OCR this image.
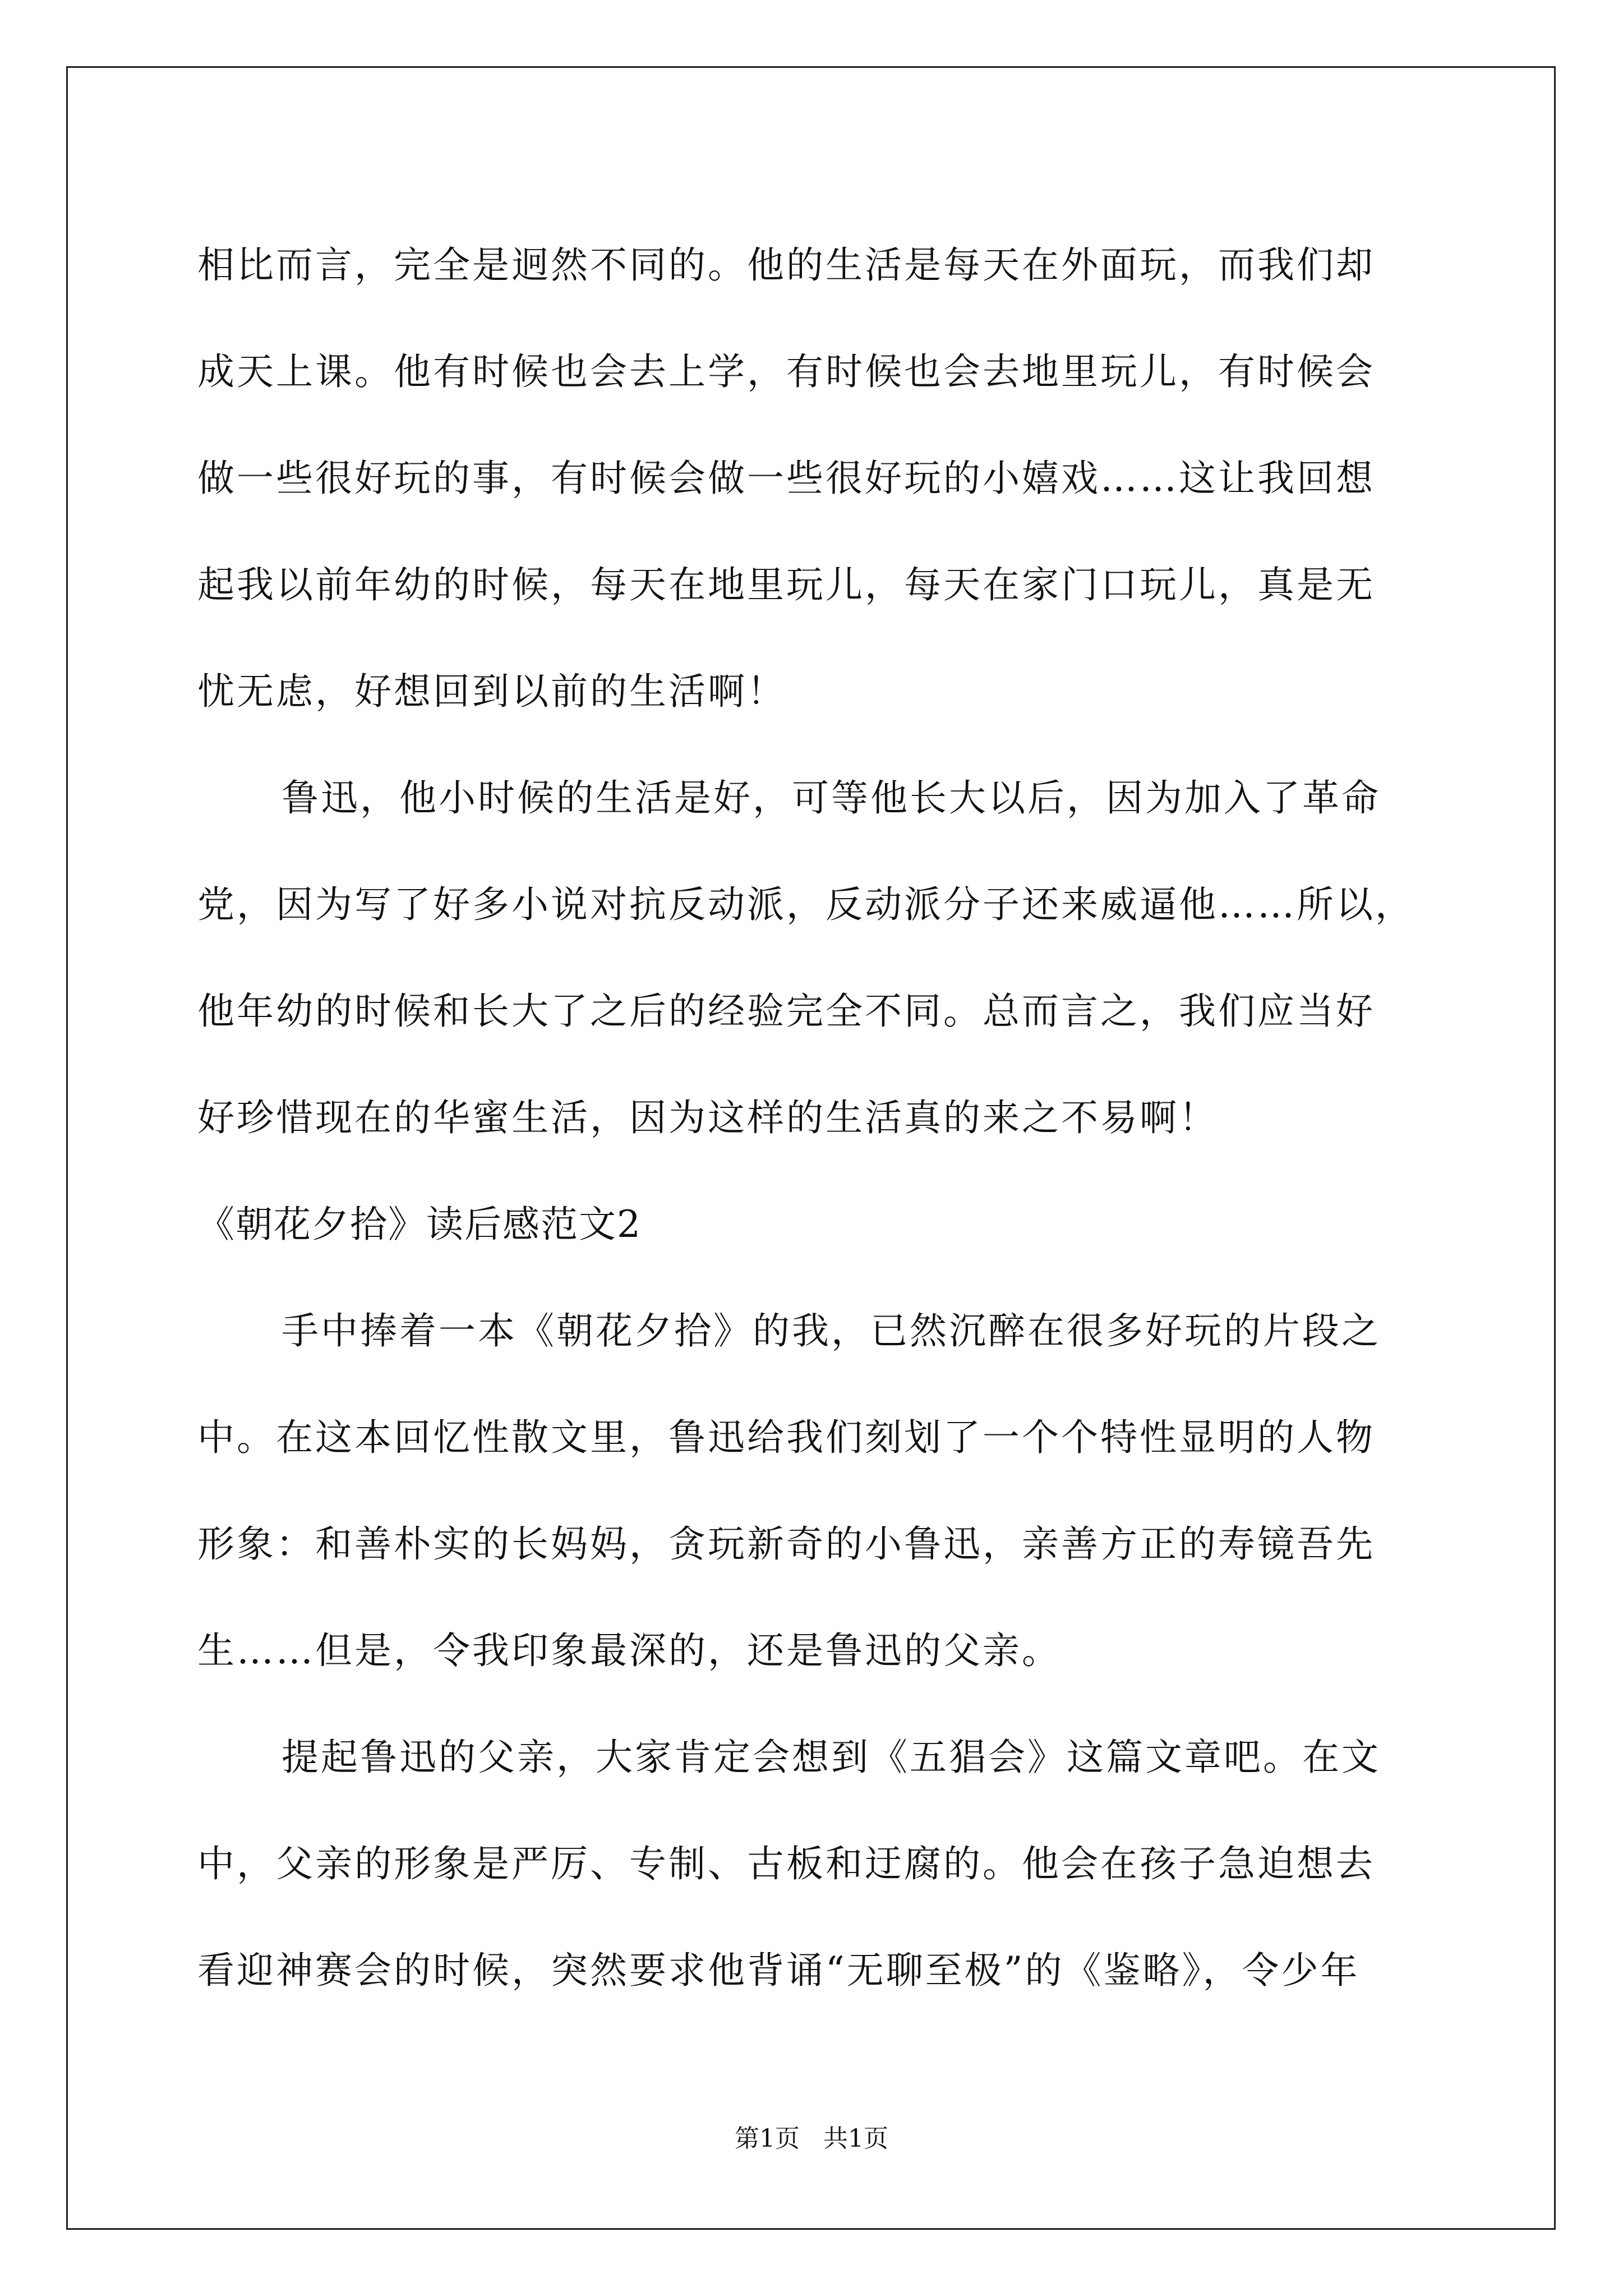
相比而言，完全是迥然不同的。他的生活是每天在外面玩，而我们却
成天上课。他有时候也会去上学，有时候也会去地里玩儿，有时候会
做一些很好玩的事，有时候会做一些很好玩的小嬉戏……这让我回想
起我以前年幼的时候，每天在地里玩儿，每天在家门口玩儿，真是无
忧无虑，好想回到以前的生活啊！
鲁迅，他小时候的生活是好，可等他长大以后，因为加入了革命
党，因为写了好多小说对抗反动派，反动派分子还来威逼他……所以，
他年幼的时候和长大了之后的经验完全不同。总而言之，我们应当好
好珍惜现在的华蜜生活，因为这样的生活真的来之不易啊！
《朝花夕拾》读后感范文2
手中捧着一本《朝花夕拾》的我，已然沉醉在很多好玩的片段之
中。在这本回忆性散文里，鲁迅给我们刻划了一个个特性显明的人物
形象：和善朴实的长妈妈，贪玩新奇的小鲁迅，亲善方正的寿镜吾先
生……但是，令我印象最深的，还是鲁迅的父亲。
提起鲁迅的父亲，大家肯定会想到《五猖会》这篇文章吧。在文
中，父亲的形象是严厉、专制、古板和迂腐的。他会在孩子急迫想去
看迎神赛会的时候，突然要求他背诵“无聊至极”的《鉴略》，令少年
第1页 共1页
